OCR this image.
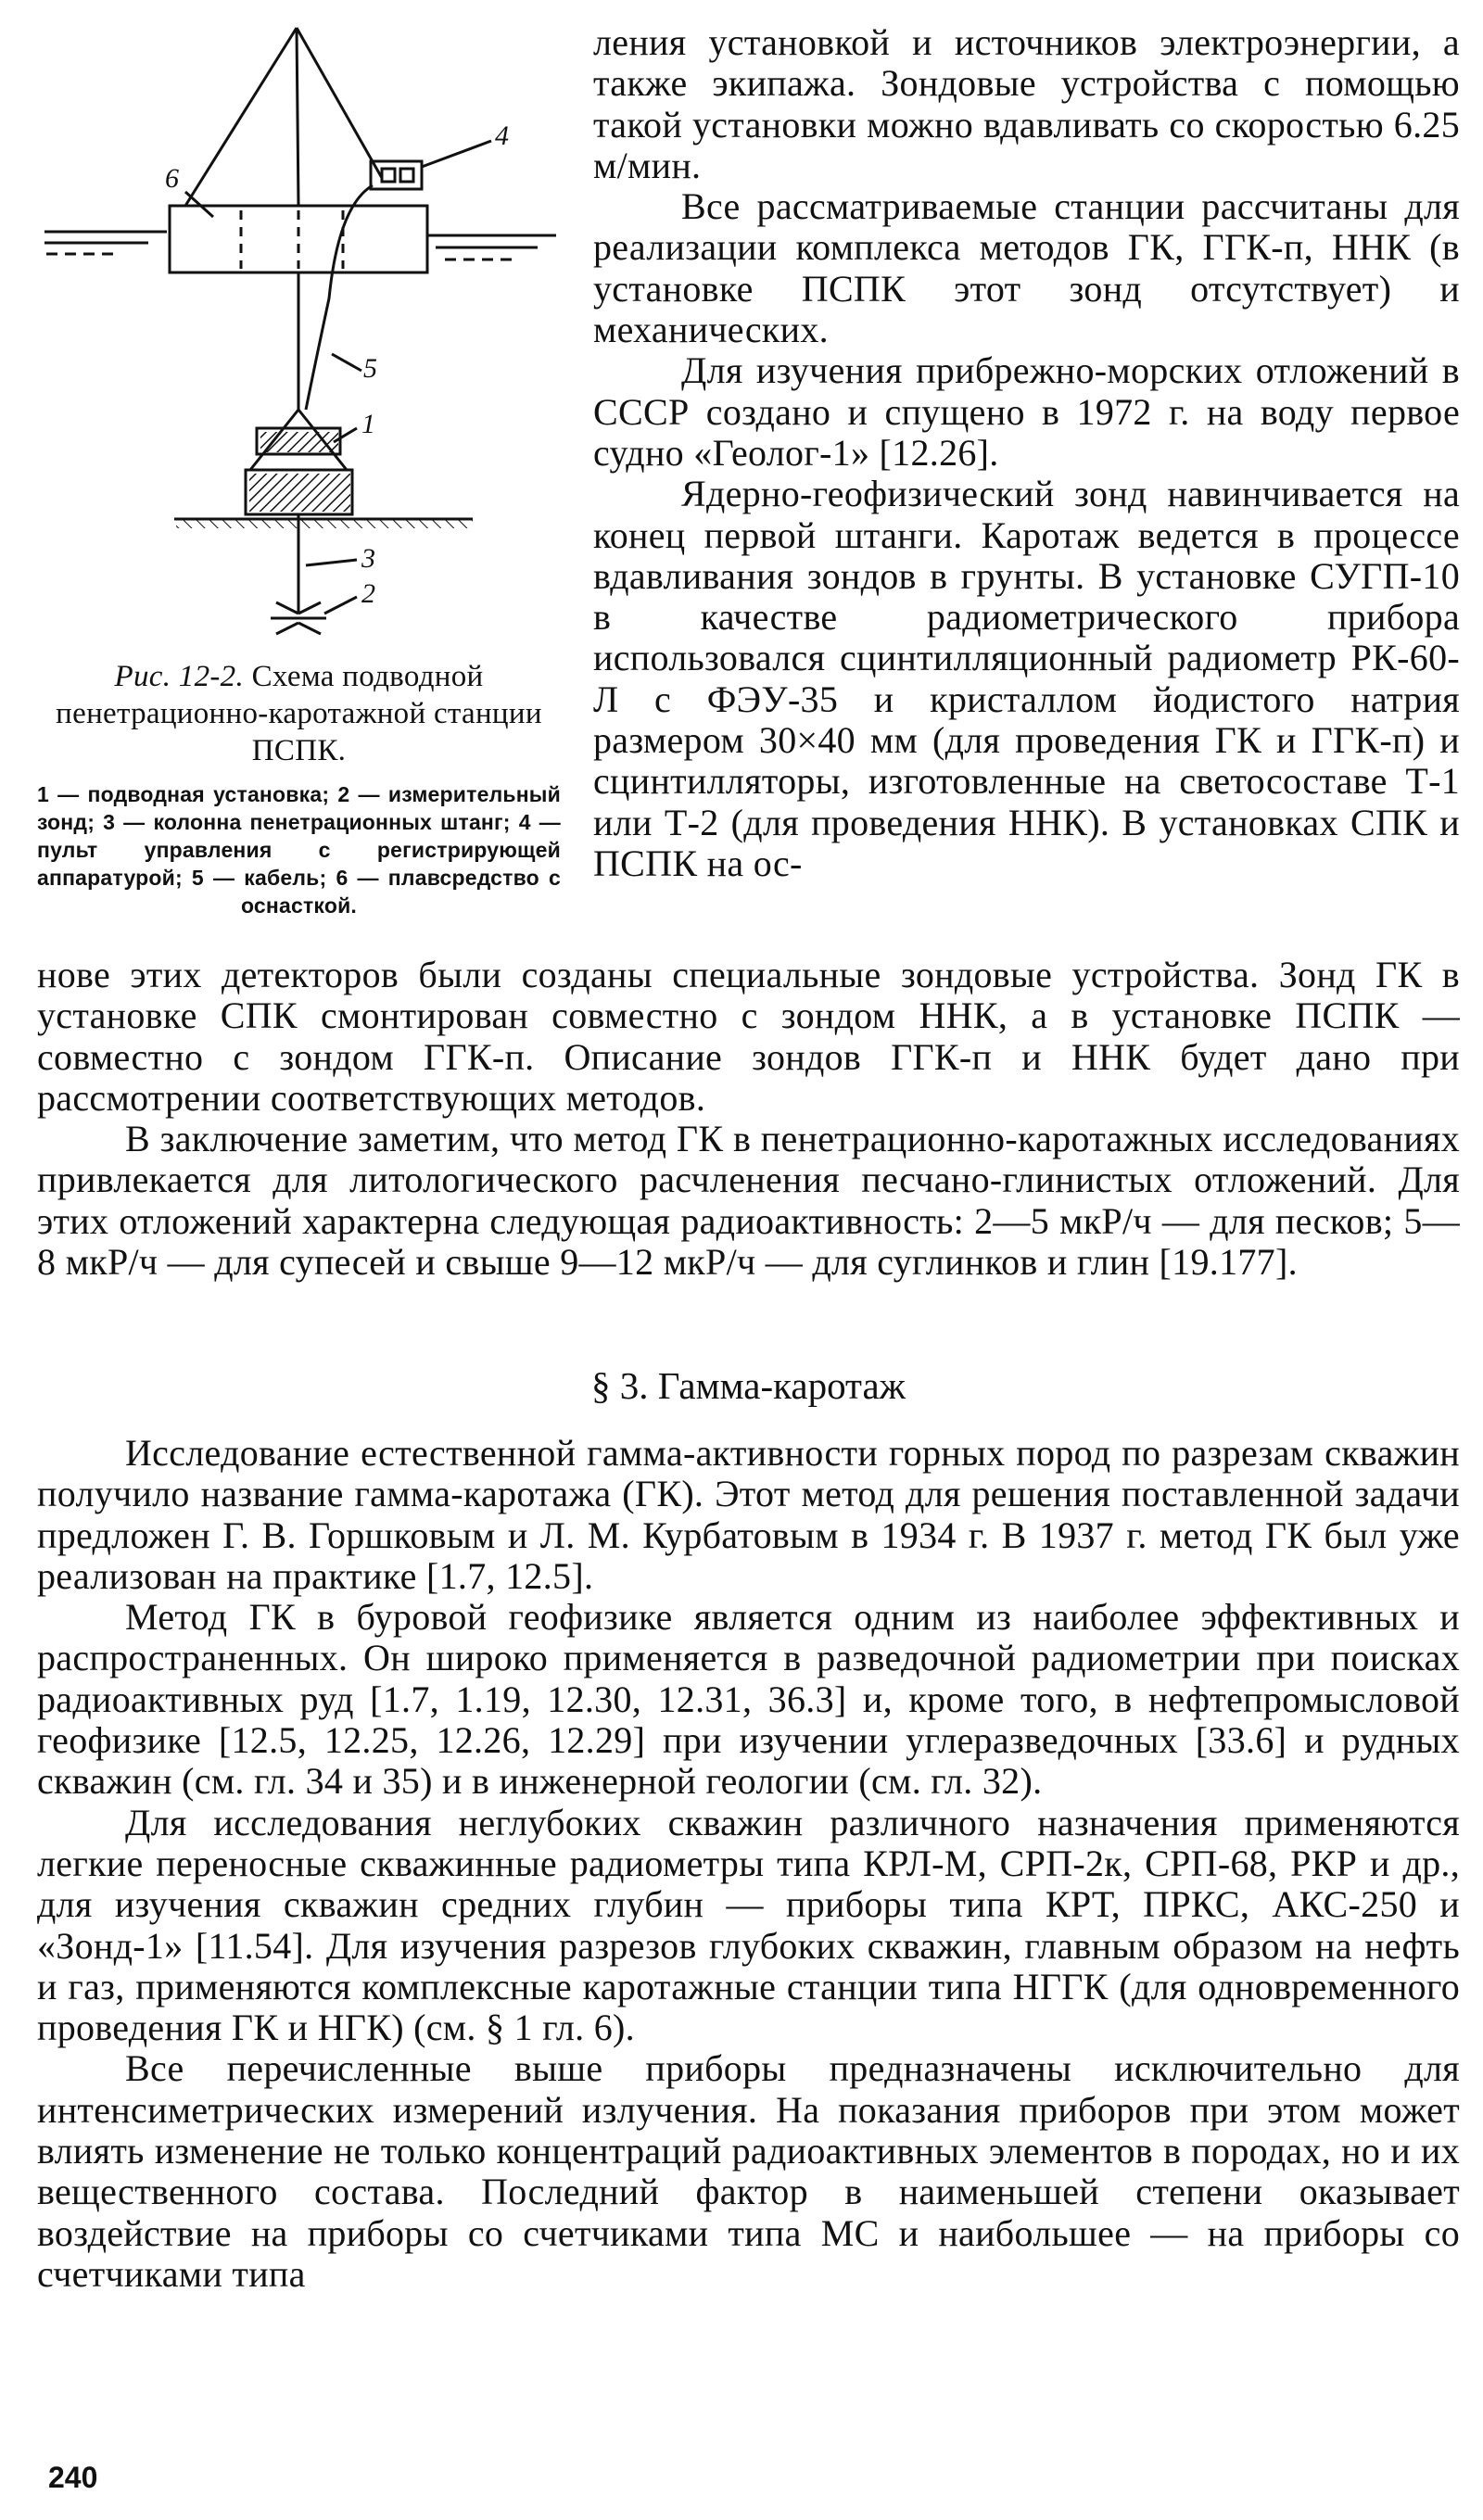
6
4
5
1
3
2
Рис. 12-2. Схема подводной пенетрационно-каротажной станции ПСПК.
1 — подводная установка; 2 — измерительный зонд; 3 — колонна пенетрационных штанг; 4 — пульт управления с регистрирующей аппаратурой; 5 — кабель; 6 — плавсредство с оснасткой.

ления установкой и источников электроэнергии, а также экипажа. Зондовые устройства с помощью такой установки можно вдавливать со скоростью 6.25 м/мин.

Все рассматриваемые станции рассчитаны для реализации комплекса методов ГК, ГГК-п, ННК (в установке ПСПК этот зонд отсутствует) и механических.

Для изучения прибрежно-морских отложений в СССР создано и спущено в 1972 г. на воду первое судно «Геолог-1» [12.26].

Ядерно-геофизический зонд навинчивается на конец первой штанги. Каротаж ведется в процессе вдавливания зондов в грунты. В установке СУГП-10 в качестве радиометрического прибора использовался сцинтилляционный радиометр РК-60-Л с ФЭУ-35 и кристаллом йодистого натрия размером 30×40 мм (для проведения ГК и ГГК-п) и сцинтилляторы, изготовленные на светосоставе Т-1 или Т-2 (для проведения ННК). В установках СПК и ПСПК на ос-

нове этих детекторов были созданы специальные зондовые устройства. Зонд ГК в установке СПК смонтирован совместно с зондом ННК, а в установке ПСПК — совместно с зондом ГГК-п. Описание зондов ГГК-п и ННК будет дано при рассмотрении соответствующих методов.

В заключение заметим, что метод ГК в пенетрационно-каротажных исследованиях привлекается для литологического расчленения песчано-глинистых отложений. Для этих отложений характерна следующая радиоактивность: 2—5 мкР/ч — для песков; 5—8 мкР/ч — для супесей и свыше 9—12 мкР/ч — для суглинков и глин [19.177].

§ 3. Гамма-каротаж

Исследование естественной гамма-активности горных пород по разрезам скважин получило название гамма-каротажа (ГК). Этот метод для решения поставленной задачи предложен Г. В. Горшковым и Л. М. Курбатовым в 1934 г. В 1937 г. метод ГК был уже реализован на практике [1.7, 12.5].

Метод ГК в буровой геофизике является одним из наиболее эффективных и распространенных. Он широко применяется в разведочной радиометрии при поисках радиоактивных руд [1.7, 1.19, 12.30, 12.31, 36.3] и, кроме того, в нефтепромысловой геофизике [12.5, 12.25, 12.26, 12.29] при изучении углеразведочных [33.6] и рудных скважин (см. гл. 34 и 35) и в инженерной геологии (см. гл. 32).

Для исследования неглубоких скважин различного назначения применяются легкие переносные скважинные радиометры типа КРЛ-М, СРП-2к, СРП-68, РКР и др., для изучения скважин средних глубин — приборы типа КРТ, ПРКС, АКС-250 и «Зонд-1» [11.54]. Для изучения разрезов глубоких скважин, главным образом на нефть и газ, применяются комплексные каротажные станции типа НГГК (для одновременного проведения ГК и НГК) (см. § 1 гл. 6).

Все перечисленные выше приборы предназначены исключительно для интенсиметрических измерений излучения. На показания приборов при этом может влиять изменение не только концентраций радиоактивных элементов в породах, но и их вещественного состава. Последний фактор в наименьшей степени оказывает воздействие на приборы со счетчиками типа МС и наибольшее — на приборы со счетчиками типа

240
